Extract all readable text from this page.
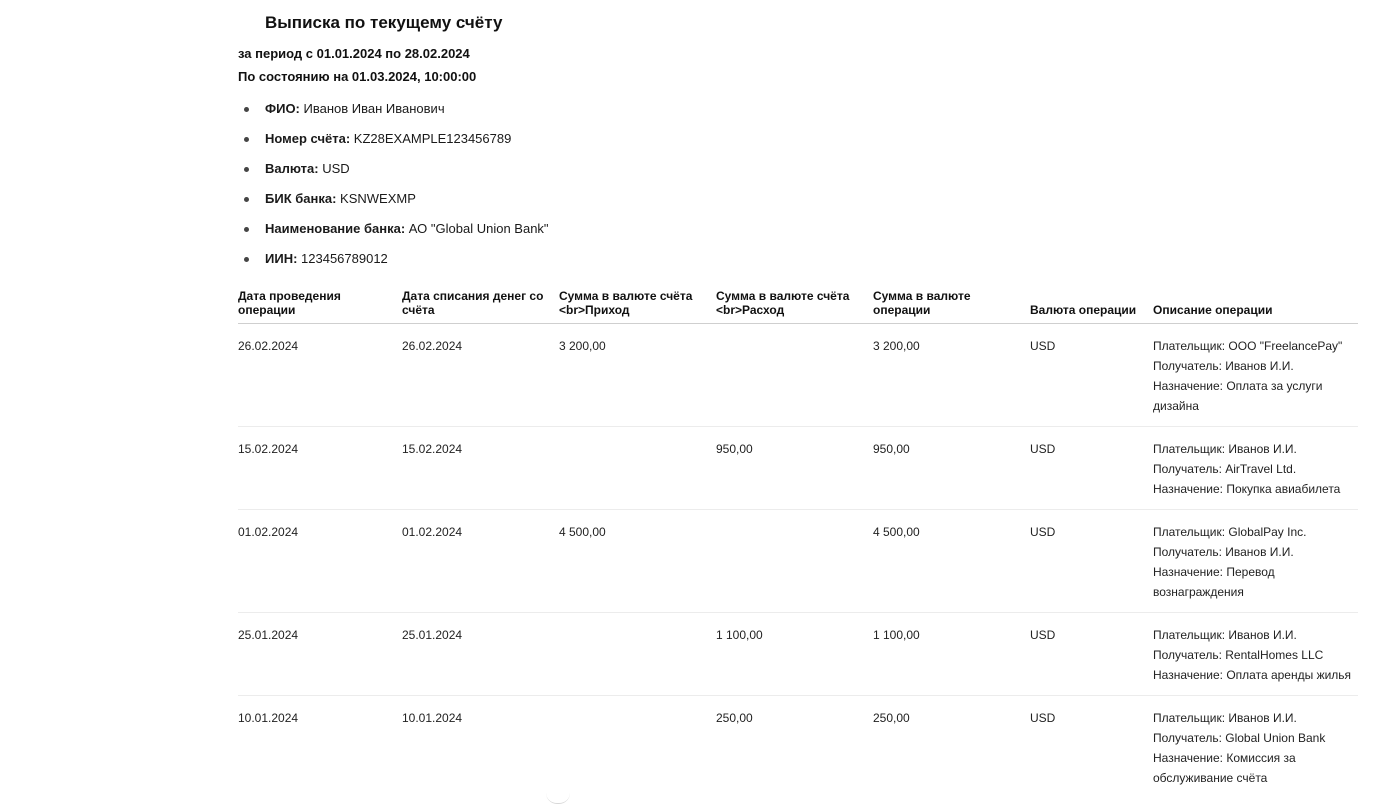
Выписка по текущему счёту

за период с 01.01.2024 по 28.02.2024

По состоянию на 01.03.2024, 10:00:00

ФИО: Иванов Иван Иванович
Номер счёта: KZ28EXAMPLE123456789
Валюта: USD
БИК банка: KSNWEXMP
Наименование банка: АО "Global Union Bank"
ИИН: 123456789012
Дата проведения операции	Дата списания денег со счёта	Сумма в валюте счёта <br>Приход	Сумма в валюте счёта <br>Расход	Сумма в валюте операции	Валюта операции	Описание операции
26.02.2024	26.02.2024	3 200,00		3 200,00	USD	Плательщик: ООО "FreelancePay"
Получатель: Иванов И.И.
Назначение: Оплата за услуги дизайна

15.02.2024	15.02.2024		950,00	950,00	USD	Плательщик: Иванов И.И.
Получатель: AirTravel Ltd.
Назначение: Покупка авиабилета

01.02.2024	01.02.2024	4 500,00		4 500,00	USD	Плательщик: GlobalPay Inc.
Получатель: Иванов И.И.
Назначение: Перевод вознаграждения

25.01.2024	25.01.2024		1 100,00	1 100,00	USD	Плательщик: Иванов И.И.
Получатель: RentalHomes LLC
Назначение: Оплата аренды жилья

10.01.2024	10.01.2024		250,00	250,00	USD	Плательщик: Иванов И.И.
Получатель: Global Union Bank
Назначение: Комиссия за обслуживание счёта
